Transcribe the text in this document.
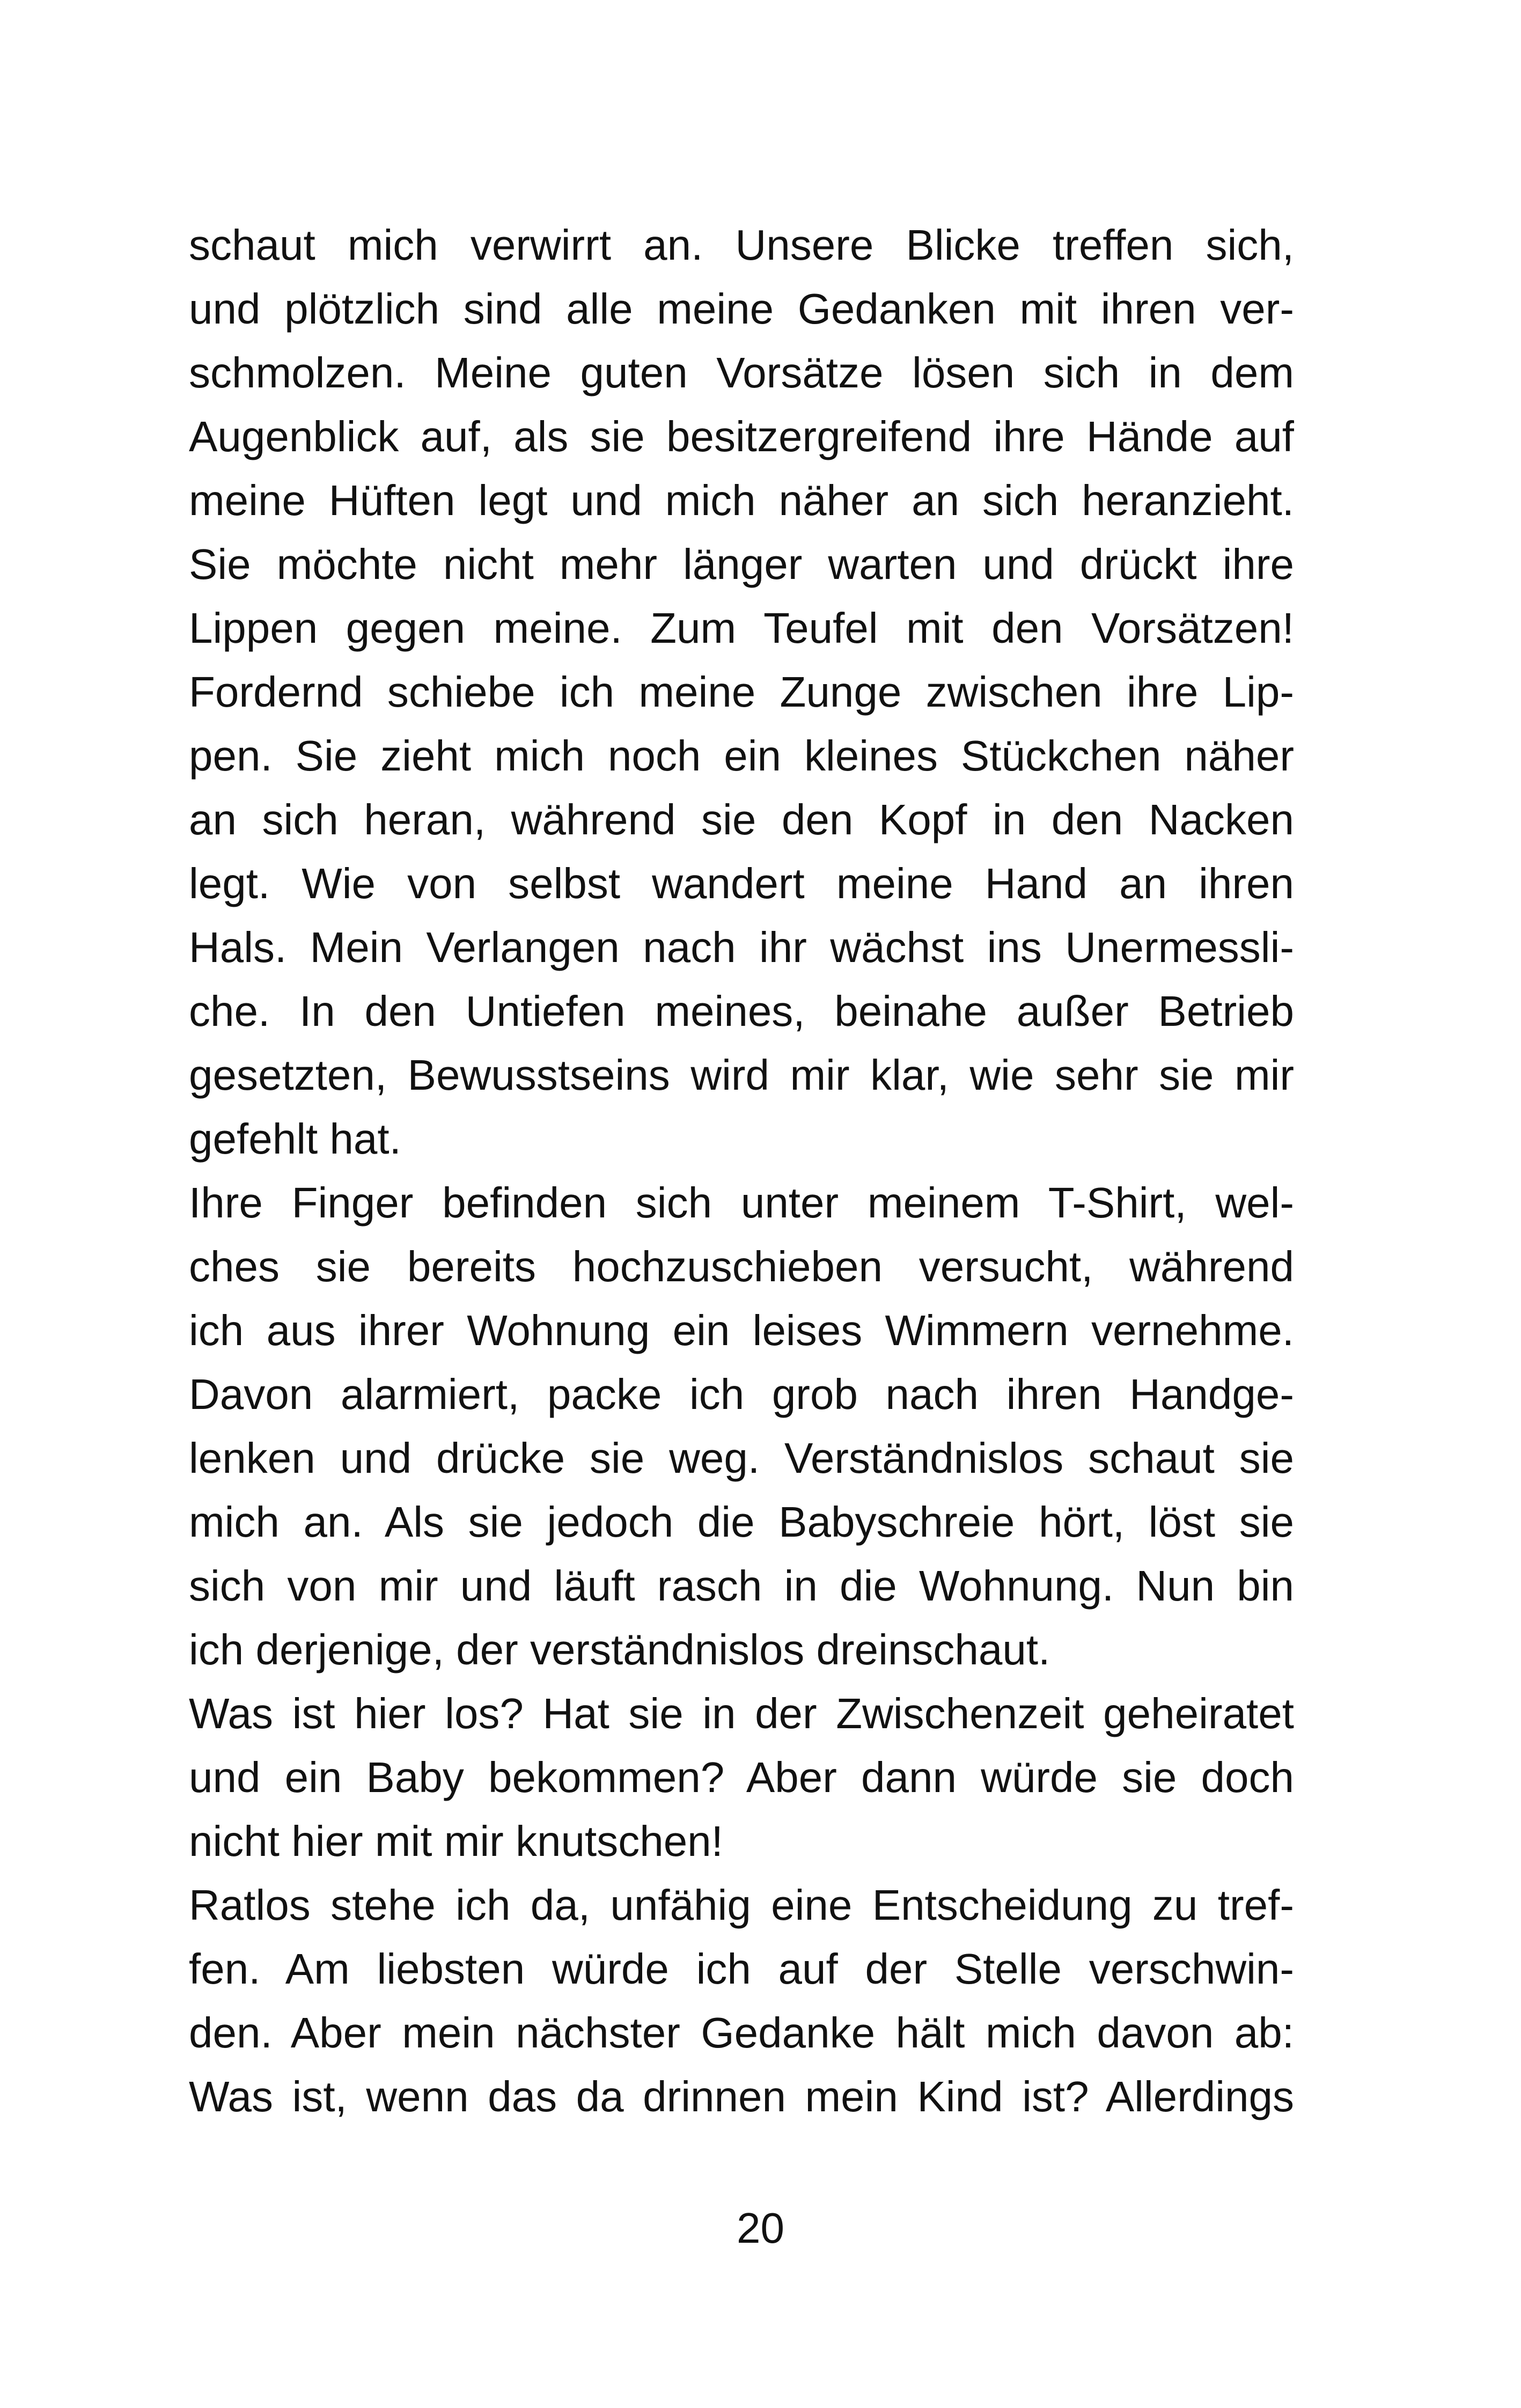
schaut mich verwirrt an. Unsere Blicke treffen sich,
und plötzlich sind alle meine Gedanken mit ihren ver-
schmolzen. Meine guten Vorsätze lösen sich in dem
Augenblick auf, als sie besitzergreifend ihre Hände auf
meine Hüften legt und mich näher an sich heranzieht.
Sie möchte nicht mehr länger warten und drückt ihre
Lippen gegen meine. Zum Teufel mit den Vorsätzen!
Fordernd schiebe ich meine Zunge zwischen ihre Lip-
pen. Sie zieht mich noch ein kleines Stückchen näher
an sich heran, während sie den Kopf in den Nacken
legt. Wie von selbst wandert meine Hand an ihren
Hals. Mein Verlangen nach ihr wächst ins Unermessli-
che. In den Untiefen meines, beinahe außer Betrieb
gesetzten, Bewusstseins wird mir klar, wie sehr sie mir
gefehlt hat.
Ihre Finger befinden sich unter meinem T-Shirt, wel-
ches sie bereits hochzuschieben versucht, während
ich aus ihrer Wohnung ein leises Wimmern vernehme.
Davon alarmiert, packe ich grob nach ihren Handge-
lenken und drücke sie weg. Verständnislos schaut sie
mich an. Als sie jedoch die Babyschreie hört, löst sie
sich von mir und läuft rasch in die Wohnung. Nun bin
ich derjenige, der verständnislos dreinschaut.
Was ist hier los? Hat sie in der Zwischenzeit geheiratet
und ein Baby bekommen? Aber dann würde sie doch
nicht hier mit mir knutschen!
Ratlos stehe ich da, unfähig eine Entscheidung zu tref-
fen. Am liebsten würde ich auf der Stelle verschwin-
den. Aber mein nächster Gedanke hält mich davon ab:
Was ist, wenn das da drinnen mein Kind ist? Allerdings
20
